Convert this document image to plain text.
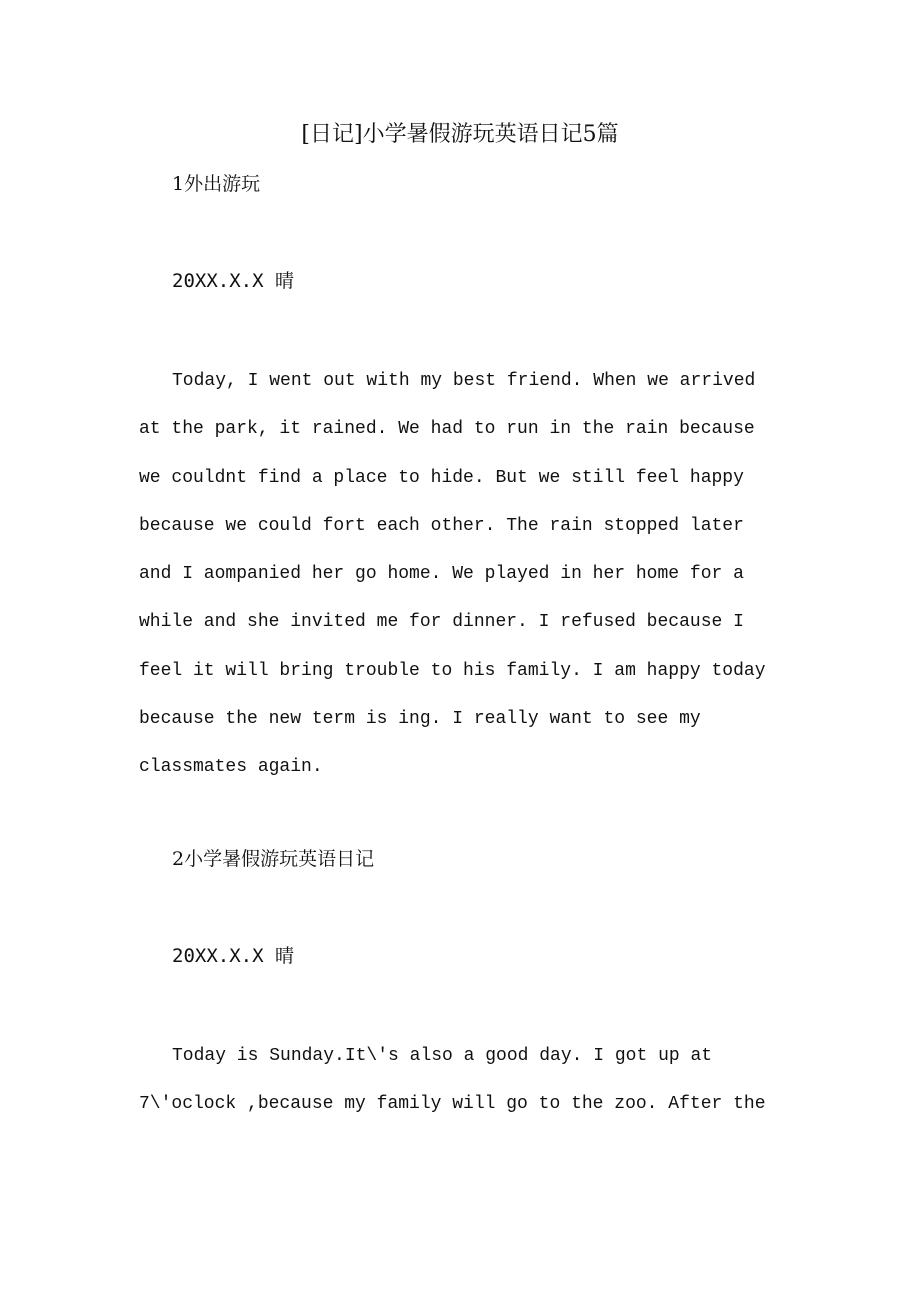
[日记]小学暑假游玩英语日记5篇
1外出游玩
20XX.X.X 晴
Today, I went out with my best friend. When we arrived
at the park, it rained. We had to run in the rain because
we couldnt find a place to hide. But we still feel happy
because we could fort each other. The rain stopped later
and I aompanied her go home. We played in her home for a
while and she invited me for dinner. I refused because I
feel it will bring trouble to his family. I am happy today
because the new term is ing. I really want to see my
classmates again.
2小学暑假游玩英语日记
20XX.X.X 晴
Today is Sunday.It\'s also a good day. I got up at
7\'oclock ,because my family will go to the zoo. After the
